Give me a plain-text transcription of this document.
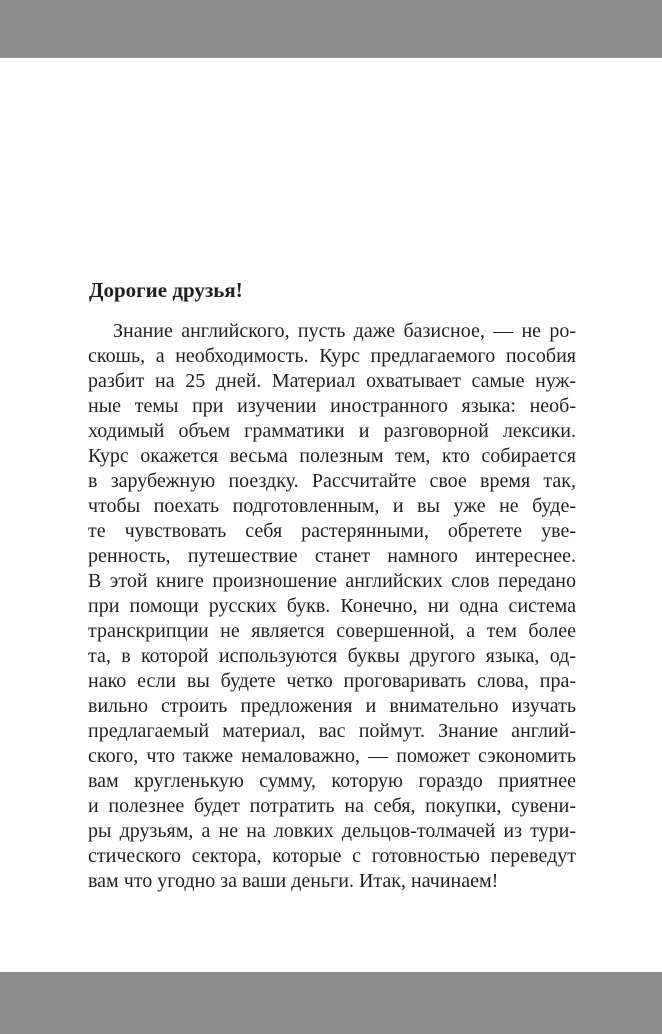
Дорогие друзья!
Знание английского, пусть даже базисное, — не ро-
скошь, а необходимость. Курс предлагаемого пособия
разбит на 25 дней. Материал охватывает самые нуж-
ные темы при изучении иностранного языка: необ-
ходимый объем грамматики и разговорной лексики.
Курс окажется весьма полезным тем, кто собирается
в зарубежную поездку. Рассчитайте свое время так,
чтобы поехать подготовленным, и вы уже не буде-
те чувствовать себя растерянными, обретете уве-
ренность, путешествие станет намного интереснее.
В этой книге произношение английских слов передано
при помощи русских букв. Конечно, ни одна система
транскрипции не является совершенной, а тем более
та, в которой используются буквы другого языка, од-
нако если вы будете четко проговаривать слова, пра-
вильно строить предложения и внимательно изучать
предлагаемый материал, вас поймут. Знание англий-
ского, что также немаловажно, — поможет сэкономить
вам кругленькую сумму, которую гораздо приятнее
и полезнее будет потратить на себя, покупки, сувени-
ры друзьям, а не на ловких дельцов-толмачей из тури-
стического сектора, которые с готовностью переведут
вам что угодно за ваши деньги. Итак, начинаем!
